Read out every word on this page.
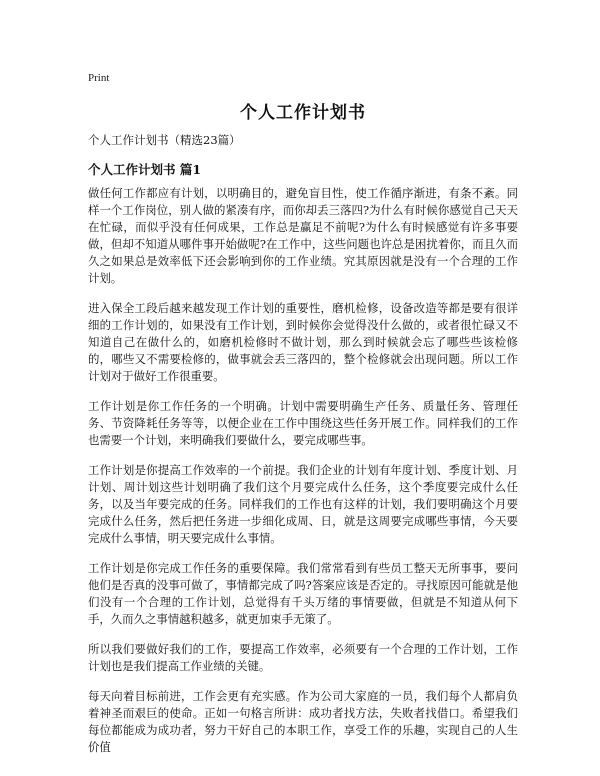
Print
个人工作计划书

个人工作计划书（精选23篇）

个人工作计划书 篇1

做任何工作都应有计划，以明确目的，避免盲目性，使工作循序渐进，有条不紊。同样一个工作岗位，别人做的紧凑有序，而你却丢三落四?为什么有时候你感觉自己天天在忙碌，而似乎没有任何成果，工作总是赢足不前呢?为什么有时候感觉有许多事要做，但却不知道从哪件事开始做呢?在工作中，这些问题也许总是困扰着你，而且久而久之如果总是效率低下还会影响到你的工作业绩。究其原因就是没有一个合理的工作计划。

进入保全工段后越来越发现工作计划的重要性，磨机检修，设备改造等都是要有很详细的工作计划的，如果没有工作计划，到时候你会觉得没什么做的，或者很忙碌又不知道自己在做什么的，如磨机检修时不做计划，那么到时候就会忘了哪些些该检修的，哪些又不需要检修的，做事就会丢三落四的，整个检修就会出现问题。所以工作计划对于做好工作很重要。

工作计划是你工作任务的一个明确。计划中需要明确生产任务、质量任务、管理任务、节资降耗任务等等，以便企业在工作中围绕这些任务开展工作。同样我们的工作也需要一个计划，来明确我们要做什么，要完成哪些事。

工作计划是你提高工作效率的一个前提。我们企业的计划有年度计划、季度计划、月计划、周计划这些计划明确了我们这个月要完成什么任务，这个季度要完成什么任务，以及当年要完成的任务。同样我们的工作也有这样的计划，我们要明确这个月要完成什么任务，然后把任务进一步细化成周、日，就是这周要完成哪些事情，今天要完成什么事情，明天要完成什么事情。

工作计划是你完成工作任务的重要保障。我们常常看到有些员工整天无所事事，要问他们是否真的没事可做了，事情都完成了吗?答案应该是否定的。寻找原因可能就是他们没有一个合理的工作计划，总觉得有千头万绪的事情要做，但就是不知道从何下手，久而久之事情越积越多，就更加束手无策了。

所以我们要做好我们的工作，要提高工作效率，必须要有一个合理的工作计划，工作计划也是我们提高工作业绩的关键。

每天向着目标前进，工作会更有充实感。作为公司大家庭的一员，我们每个人都肩负着神圣而艰巨的使命。正如一句格言所讲：成功者找方法，失败者找借口。希望我们每位都能成为成功者，努力干好自己的本职工作，享受工作的乐趣，实现自己的人生价值
